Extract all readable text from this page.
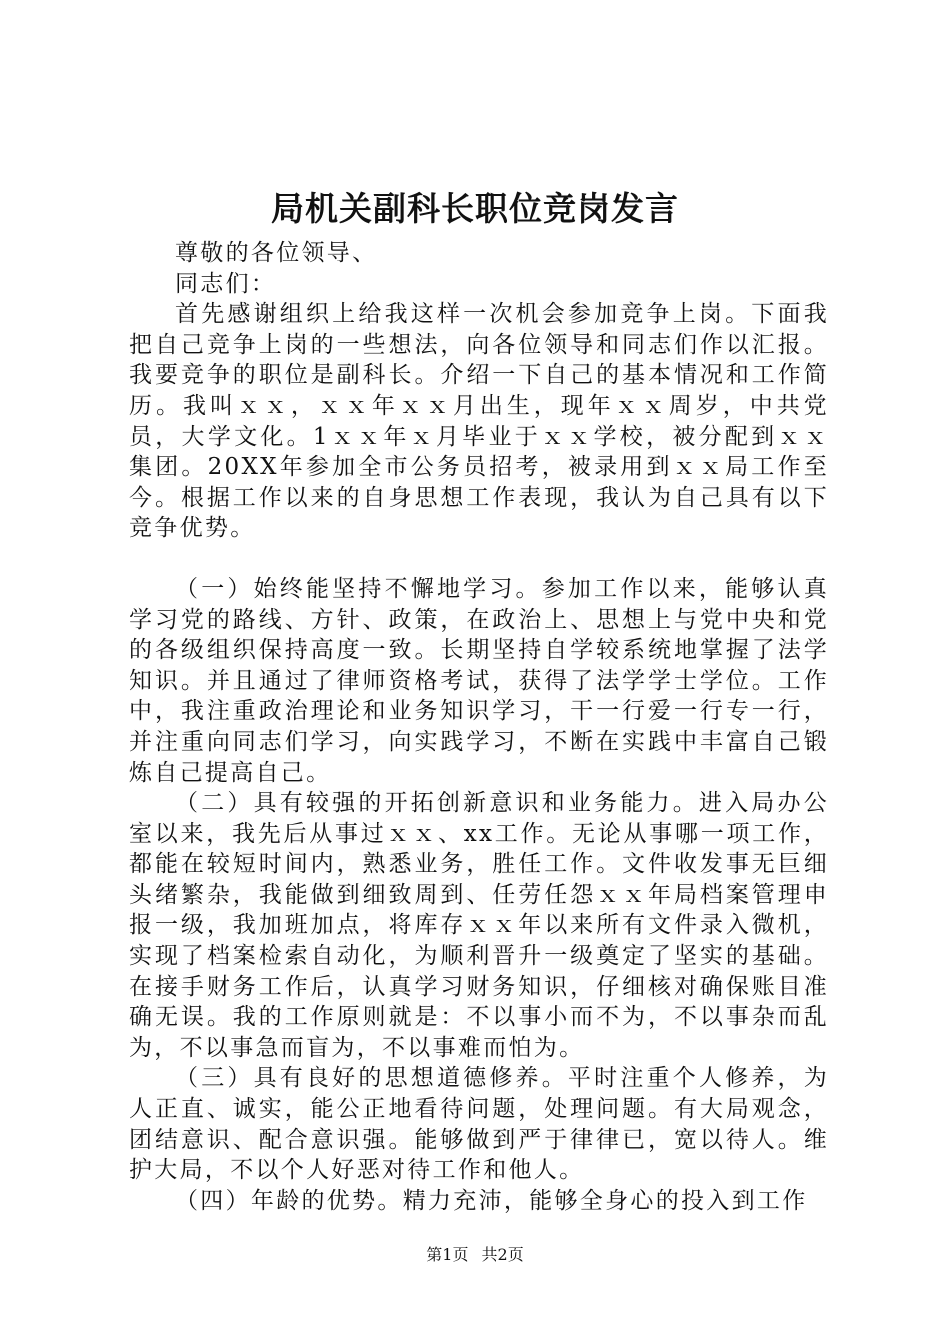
局机关副科长职位竞岗发言

尊敬的各位领导、

同志们：

首先感谢组织上给我这样一次机会参加竞争上岗。下面我把自己竞争上岗的一些想法，向各位领导和同志们作以汇报。我要竞争的职位是副科长。介绍一下自己的基本情况和工作简历。我叫ｘｘ，ｘｘ年ｘｘ月出生，现年ｘｘ周岁，中共党员，大学文化。1ｘｘ年ｘ月毕业于ｘｘ学校，被分配到ｘｘ集团。20XX年参加全市公务员招考，被录用到ｘｘ局工作至今。根据工作以来的自身思想工作表现，我认为自己具有以下竞争优势。

（一）始终能坚持不懈地学习。参加工作以来，能够认真学习党的路线、方针、政策，在政治上、思想上与党中央和党的各级组织保持高度一致。长期坚持自学较系统地掌握了法学知识。并且通过了律师资格考试，获得了法学学士学位。工作中，我注重政治理论和业务知识学习，干一行爱一行专一行，并注重向同志们学习，向实践学习，不断在实践中丰富自己锻炼自己提高自己。

（二）具有较强的开拓创新意识和业务能力。进入局办公室以来，我先后从事过ｘｘ、xx工作。无论从事哪一项工作，都能在较短时间内，熟悉业务，胜任工作。文件收发事无巨细头绪繁杂，我能做到细致周到、任劳任怨ｘｘ年局档案管理申报一级，我加班加点，将库存ｘｘ年以来所有文件录入微机，实现了档案检索自动化，为顺利晋升一级奠定了坚实的基础。在接手财务工作后，认真学习财务知识，仔细核对确保账目准确无误。我的工作原则就是：不以事小而不为，不以事杂而乱为，不以事急而盲为，不以事难而怕为。

（三）具有良好的思想道德修养。平时注重个人修养，为人正直、诚实，能公正地看待问题，处理问题。有大局观念，团结意识、配合意识强。能够做到严于律律已，宽以待人。维护大局，不以个人好恶对待工作和他人。

（四）年龄的优势。精力充沛，能够全身心的投入到工作

第1页 共2页
